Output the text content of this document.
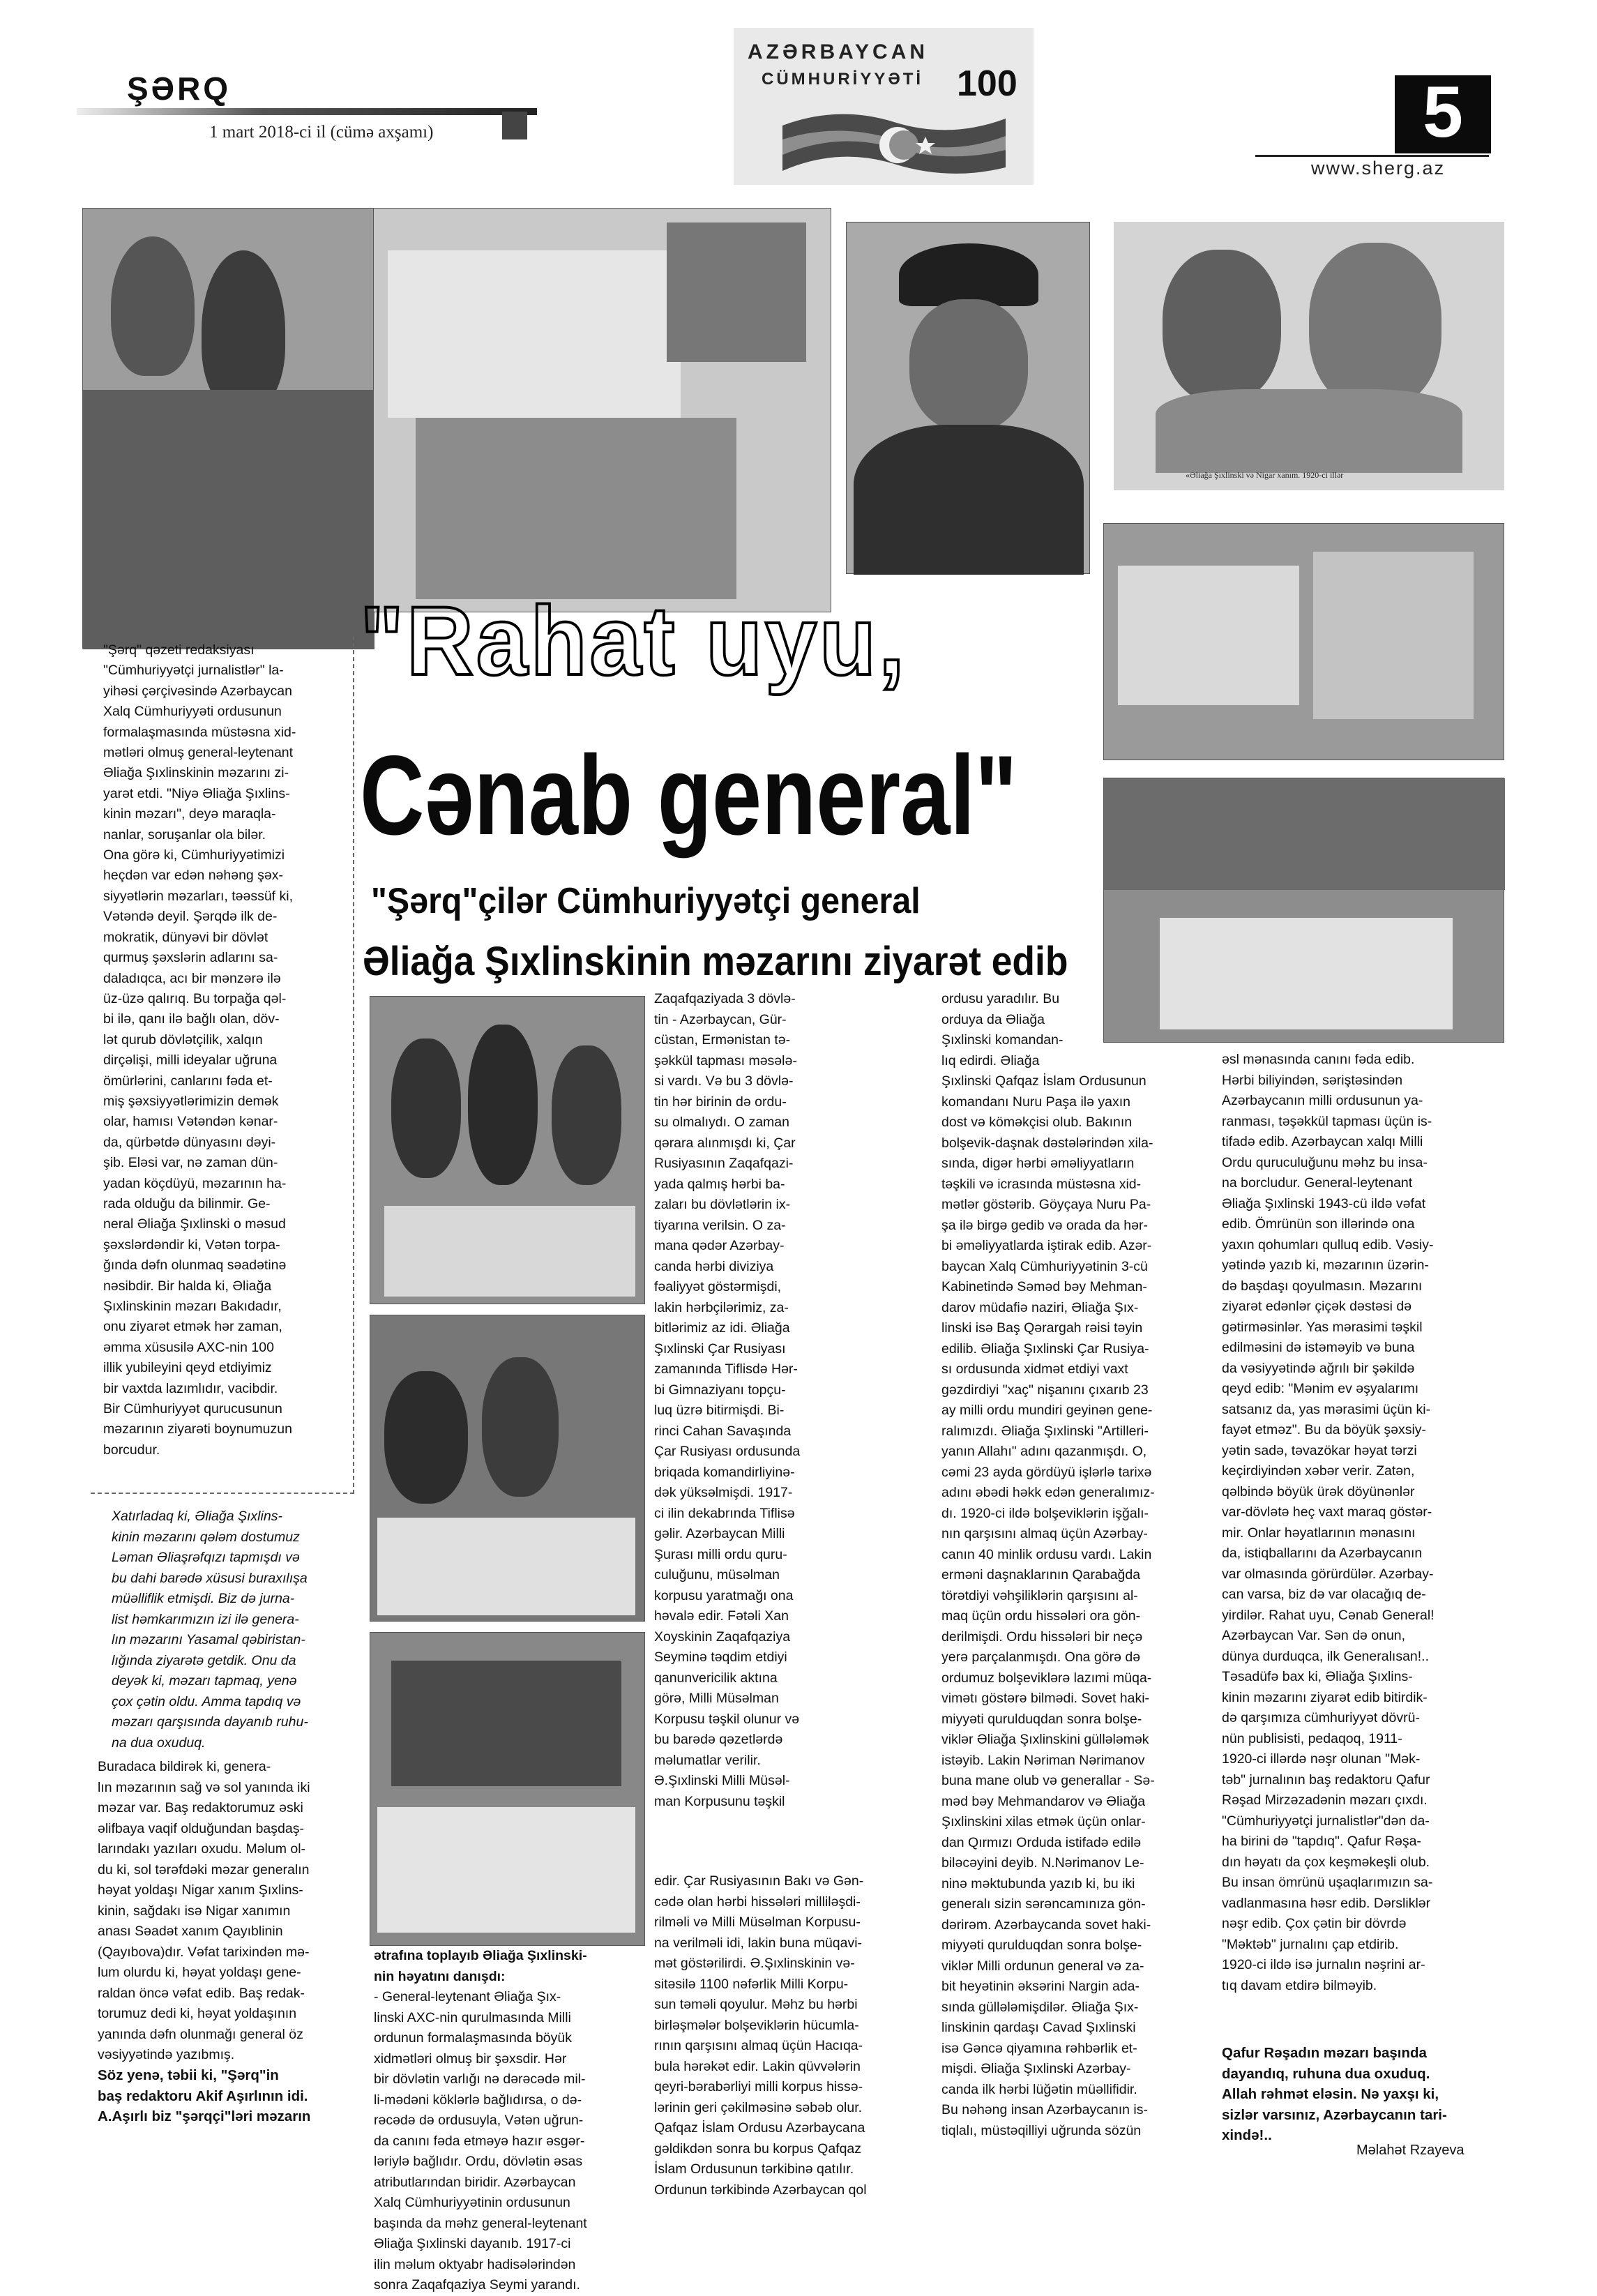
ŞƏRQ
1 mart 2018-ci il (cümə axşamı)
www.sherg.az
5
AZƏRBAYCAN
CÜMHURİYYƏTİ 100
«Əliağa Şıxlinski və Nigar xanım. 1920-ci illər
"Rahat uyu,
Cənab general"
"Şərq"çilər Cümhuriyyətçi general
Əliağa Şıxlinskinin məzarını ziyarət edib
"Şərq" qəzeti redaksiyası
"Cümhuriyyətçi jurnalistlər" la-
yihəsi çərçivəsində Azərbaycan
Xalq Cümhuriyyəti ordusunun
formalaşmasında müstəsna xid-
mətləri olmuş general-leytenant
Əliağa Şıxlinskinin məzarını zi-
yarət etdi. "Niyə Əliağa Şıxlins-
kinin məzarı", deyə maraqla-
nanlar, soruşanlar ola bilər.
Ona görə ki, Cümhuriyyətimizi
heçdən var edən nəhəng şəx-
siyyətlərin məzarları, təəssüf ki,
Vətəndə deyil. Şərqdə ilk de-
mokratik, dünyəvi bir dövlət
qurmuş şəxslərin adlarını sa-
daladıqca, acı bir mənzərə ilə
üz-üzə qalırıq. Bu torpağa qəl-
bi ilə, qanı ilə bağlı olan, döv-
lət qurub dövlətçilik, xalqın
dirçəlişi, milli ideyalar uğruna
ömürlərini, canlarını fəda et-
miş şəxsiyyətlərimizin demək
olar, hamısı Vətəndən kənar-
da, qürbətdə dünyasını dəyi-
şib. Eləsi var, nə zaman dün-
yadan köçdüyü, məzarının ha-
rada olduğu da bilinmir. Ge-
neral Əliağa Şıxlinski o məsud
şəxslərdəndir ki, Vətən torpa-
ğında dəfn olunmaq səadətinə
nəsibdir. Bir halda ki, Əliağa
Şıxlinskinin məzarı Bakıdadır,
onu ziyarət etmək hər zaman,
əmma xüsusilə AXC-nin 100
illik yubileyini qeyd etdiyimiz
bir vaxtda lazımlıdır, vacibdir.
Bir Cümhuriyyət qurucusunun
məzarının ziyarəti boynumuzun
borcudur.
Xatırladaq ki, Əliağa Şıxlins-
kinin məzarını qələm dostumuz
Ləman Əliaşrəfqızı tapmışdı və
bu dahi barədə xüsusi buraxılışa
müəlliflik etmişdi. Biz də jurna-
list həmkarımızın izi ilə genera-
lın məzarını Yasamal qəbiristan-
lığında ziyarətə getdik. Onu da
deyək ki, məzarı tapmaq, yenə
çox çətin oldu. Amma tapdıq və
məzarı qarşısında dayanıb ruhu-
na dua oxuduq.
Buradaca bildirək ki, genera-
lın məzarının sağ və sol yanında iki
məzar var. Baş redaktorumuz əski
əlifbaya vaqif olduğundan başdaş-
larındakı yazıları oxudu. Məlum ol-
du ki, sol tərəfdəki məzar generalın
həyat yoldaşı Nigar xanım Şıxlins-
kinin, sağdakı isə Nigar xanımın
anası Səadət xanım Qayıblinin
(Qayıbova)dır. Vəfat tarixindən mə-
lum olurdu ki, həyat yoldaşı gene-
raldan öncə vəfat edib. Baş redak-
torumuz dedi ki, həyat yoldaşının
yanında dəfn olunmağı general öz
vəsiyyətində yazıbmış.
Söz yenə, təbii ki, "Şərq"in
baş redaktoru Akif Aşırlının idi.
A.Aşırlı biz "şərqçi"ləri məzarın
ətrafına toplayıb Əliağa Şıxlinski-
nin həyatını danışdı:
- General-leytenant Əliağa Şıx-
linski AXC-nin qurulmasında Milli
ordunun formalaşmasında böyük
xidmətləri olmuş bir şəxsdir. Hər
bir dövlətin varlığı nə dərəcədə mil-
li-mədəni köklərlə bağlıdırsa, o də-
rəcədə də ordusuyla, Vətən uğrun-
da canını fəda etməyə hazır əsgər-
ləriylə bağlıdır. Ordu, dövlətin əsas
atributlarından biridir. Azərbaycan
Xalq Cümhuriyyətinin ordusunun
başında da məhz general-leytenant
Əliağa Şıxlinski dayanıb. 1917-ci
ilin məlum oktyabr hadisələrindən
sonra Zaqafqaziya Seymi yarandı.
Zaqafqaziyada 3 dövlə-
tin - Azərbaycan, Gür-
cüstan, Ermənistan tə-
şəkkül tapması məsələ-
si vardı. Və bu 3 dövlə-
tin hər birinin də ordu-
su olmalıydı. O zaman
qərara alınmışdı ki, Çar
Rusiyasının Zaqafqazi-
yada qalmış hərbi ba-
zaları bu dövlətlərin ix-
tiyarına verilsin. O za-
mana qədər Azərbay-
canda hərbi diviziya
fəaliyyət göstərmişdi,
lakin hərbçilərimiz, za-
bitlərimiz az idi. Əliağa
Şıxlinski Çar Rusiyası
zamanında Tiflisdə Hər-
bi Gimnaziyanı topçu-
luq üzrə bitirmişdi. Bi-
rinci Cahan Savaşında
Çar Rusiyası ordusunda
briqada komandirliyinə-
dək yüksəlmişdi. 1917-
ci ilin dekabrında Tiflisə
gəlir. Azərbaycan Milli
Şurası milli ordu quru-
culuğunu, müsəlman
korpusu yaratmağı ona
həvalə edir. Fətəli Xan
Xoyskinin Zaqafqaziya
Seyminə təqdim etdiyi
qanunvericilik aktına
görə, Milli Müsəlman
Korpusu təşkil olunur və
bu barədə qəzetlərdə
məlumatlar verilir.
Ə.Şıxlinski Milli Müsəl-
man Korpusunu təşkil
edir. Çar Rusiyasının Bakı və Gən-
cədə olan hərbi hissələri milliləşdi-
rilməli və Milli Müsəlman Korpusu-
na verilməli idi, lakin buna müqavi-
mət göstərilirdi. Ə.Şıxlinskinin və-
sitəsilə 1100 nəfərlik Milli Korpu-
sun təməli qoyulur. Məhz bu hərbi
birləşmələr bolşeviklərin hücumla-
rının qarşısını almaq üçün Hacıqa-
bula hərəkət edir. Lakin qüvvələrin
qeyri-bərabərliyi milli korpus hissə-
lərinin geri çəkilməsinə səbəb olur.
Qafqaz İslam Ordusu Azərbaycana
gəldikdən sonra bu korpus Qafqaz
İslam Ordusunun tərkibinə qatılır.
Ordunun tərkibində Azərbaycan qol
ordusu yaradılır. Bu
orduya da Əliağa
Şıxlinski komandan-
lıq edirdi. Əliağa
Şıxlinski Qafqaz İslam Ordusunun
komandanı Nuru Paşa ilə yaxın
dost və köməkçisi olub. Bakının
bolşevik-daşnak dəstələrindən xila-
sında, digər hərbi əməliyyatların
təşkili və icrasında müstəsna xid-
mətlər göstərib. Göyçaya Nuru Pa-
şa ilə birgə gedib və orada da hər-
bi əməliyyatlarda iştirak edib. Azər-
baycan Xalq Cümhuriyyətinin 3-cü
Kabinetində Səməd bəy Mehman-
darov müdafiə naziri, Əliağa Şıx-
linski isə Baş Qərargah rəisi təyin
edilib. Əliağa Şıxlinski Çar Rusiya-
sı ordusunda xidmət etdiyi vaxt
gəzdirdiyi "xaç" nişanını çıxarıb 23
ay milli ordu mundiri geyinən gene-
ralımızdı. Əliağa Şıxlinski "Artilleri-
yanın Allahı" adını qazanmışdı. O,
cəmi 23 ayda gördüyü işlərlə tarixə
adını əbədi həkk edən generalımız-
dı. 1920-ci ildə bolşeviklərin işğalı-
nın qarşısını almaq üçün Azərbay-
canın 40 minlik ordusu vardı. Lakin
erməni daşnaklarının Qarabağda
törətdiyi vəhşiliklərin qarşısını al-
maq üçün ordu hissələri ora gön-
derilmişdi. Ordu hissələri bir neçə
yerə parçalanmışdı. Ona görə də
ordumuz bolşeviklərə lazımi müqa-
vimətı göstərə bilmədi. Sovet haki-
miyyəti qurulduqdan sonra bolşe-
viklər Əliağa Şıxlinskini güllələmək
istəyib. Lakin Nəriman Nərimanov
buna mane olub və generallar - Sə-
məd bəy Mehmandarov və Əliağa
Şıxlinskini xilas etmək üçün onlar-
dan Qırmızı Orduda istifadə edilə
biləcəyini deyib. N.Nərimanov Le-
ninə məktubunda yazıb ki, bu iki
generalı sizin sərəncamınıza gön-
dərirəm. Azərbaycanda sovet haki-
miyyəti qurulduqdan sonra bolşe-
viklər Milli ordunun general və za-
bit heyətinin əksərini Nargin ada-
sında güllələmişdilər. Əliağa Şıx-
linskinin qardaşı Cavad Şıxlinski
isə Gəncə qiyamına rəhbərlik et-
mişdi. Əliağa Şıxlinski Azərbay-
canda ilk hərbi lüğətin müəllifidir.
Bu nəhəng insan Azərbaycanın is-
tiqlalı, müstəqilliyi uğrunda sözün
əsl mənasında canını fəda edib.
Hərbi biliyindən, səriştəsindən
Azərbaycanın milli ordusunun ya-
ranması, təşəkkül tapması üçün is-
tifadə edib. Azərbaycan xalqı Milli
Ordu quruculuğunu məhz bu insa-
na borcludur. General-leytenant
Əliağa Şıxlinski 1943-cü ildə vəfat
edib. Ömrünün son illərində ona
yaxın qohumları qulluq edib. Vəsiy-
yətində yazıb ki, məzarının üzərin-
də başdaşı qoyulmasın. Məzarını
ziyarət edənlər çiçək dəstəsi də
gətirməsinlər. Yas mərasimi təşkil
edilməsini də istəməyib və buna
da vəsiyyətində ağrılı bir şəkildə
qeyd edib: "Mənim ev əşyalarımı
satsanız da, yas mərasimi üçün ki-
fayət etməz". Bu da böyük şəxsiy-
yətin sadə, təvazökar həyat tərzi
keçirdiyindən xəbər verir. Zatən,
qəlbində böyük ürək döyünənlər
var-dövlətə heç vaxt maraq göstər-
mir. Onlar həyatlarının mənasını
da, istiqballarını da Azərbaycanın
var olmasında görürdülər. Azərbay-
can varsa, biz də var olacağıq de-
yirdilər. Rahat uyu, Cənab General!
Azərbaycan Var. Sən də onun,
dünya durduqca, ilk Generalısan!..
Təsadüfə bax ki, Əliağa Şıxlins-
kinin məzarını ziyarət edib bitirdik-
də qarşımıza cümhuriyyət dövrü-
nün publisisti, pedaqoq, 1911-
1920-ci illərdə nəşr olunan "Mək-
təb" jurnalının baş redaktoru Qafur
Rəşad Mirzəzadənin məzarı çıxdı.
"Cümhuriyyətçi jurnalistlər"dən da-
ha birini də "tapdıq". Qafur Rəşa-
dın həyatı da çox keşməkeşli olub.
Bu insan ömrünü uşaqlarımızın sa-
vadlanmasına həsr edib. Dərsliklər
nəşr edib. Çox çətin bir dövrdə
"Məktəb" jurnalını çap etdirib.
1920-ci ildə isə jurnalın nəşrini ar-
tıq davam etdirə bilməyib.
Qafur Rəşadın məzarı başında
dayandıq, ruhuna dua oxuduq.
Allah rəhmət eləsin. Nə yaxşı ki,
sizlər varsınız, Azərbaycanın tari-
xində!..
Məlahət Rzayeva
